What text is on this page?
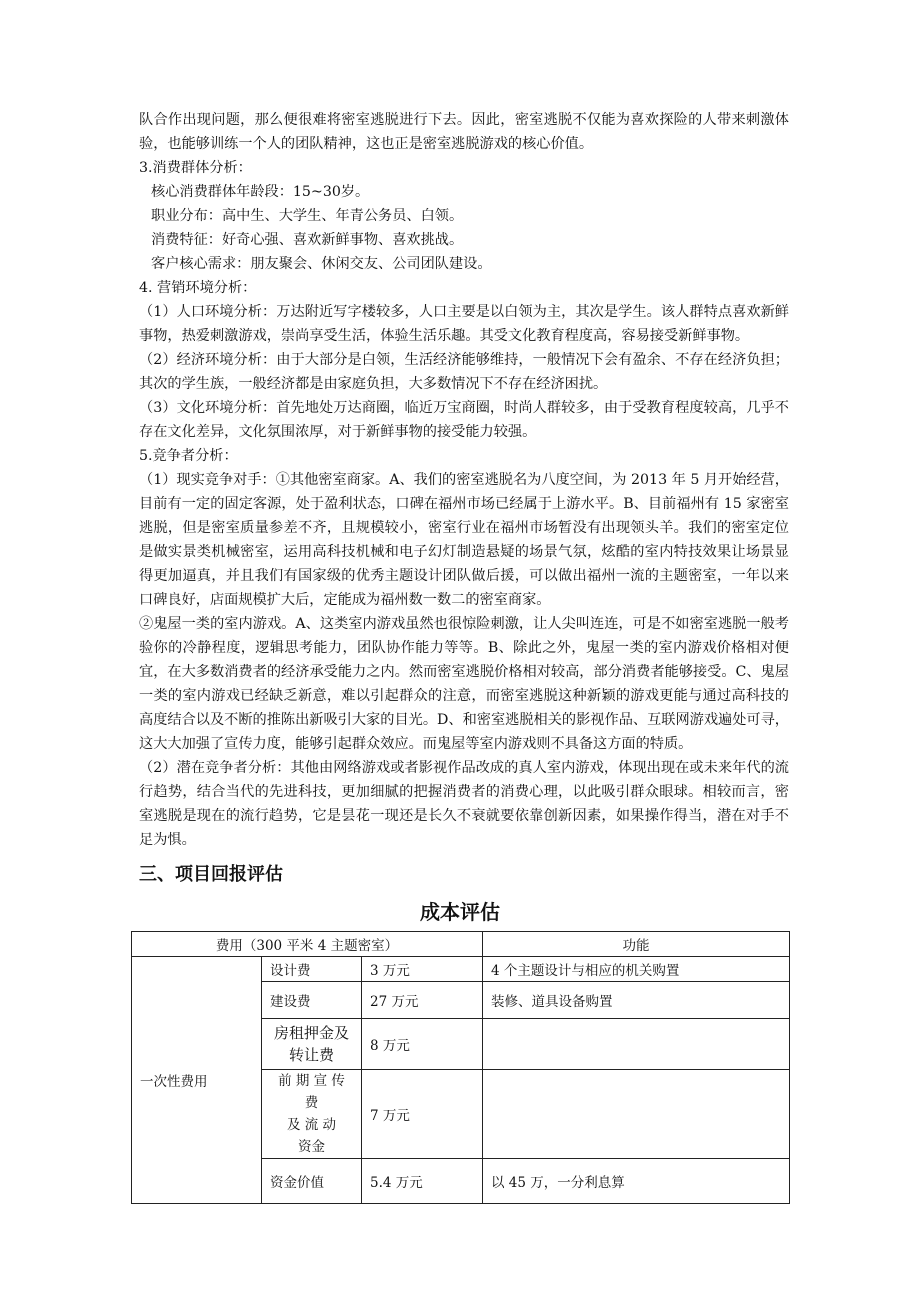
队合作出现问题，那么便很难将密室逃脱进行下去。因此，密室逃脱不仅能为喜欢探险的人带来刺激体验，也能够训练一个人的团队精神，这也正是密室逃脱游戏的核心价值。

3.消费群体分析：

核心消费群体年龄段：15~30岁。

职业分布：高中生、大学生、年青公务员、白领。

消费特征：好奇心强、喜欢新鲜事物、喜欢挑战。

客户核心需求：朋友聚会、休闲交友、公司团队建设。

4. 营销环境分析：

（1）人口环境分析：万达附近写字楼较多，人口主要是以白领为主，其次是学生。该人群特点喜欢新鲜事物，热爱刺激游戏，崇尚享受生活，体验生活乐趣。其受文化教育程度高，容易接受新鲜事物。

（2）经济环境分析：由于大部分是白领，生活经济能够维持，一般情况下会有盈余、不存在经济负担；其次的学生族，一般经济都是由家庭负担，大多数情况下不存在经济困扰。

（3）文化环境分析：首先地处万达商圈，临近万宝商圈，时尚人群较多，由于受教育程度较高，几乎不存在文化差异，文化氛围浓厚，对于新鲜事物的接受能力较强。

5.竞争者分析：

（1）现实竞争对手：①其他密室商家。A、我们的密室逃脱名为八度空间，为 2013 年 5 月开始经营，目前有一定的固定客源，处于盈利状态，口碑在福州市场已经属于上游水平。B、目前福州有 15 家密室逃脱，但是密室质量参差不齐，且规模较小，密室行业在福州市场暂没有出现领头羊。我们的密室定位是做实景类机械密室，运用高科技机械和电子幻灯制造悬疑的场景气氛，炫酷的室内特技效果让场景显得更加逼真，并且我们有国家级的优秀主题设计团队做后援，可以做出福州一流的主题密室，一年以来口碑良好，店面规模扩大后，定能成为福州数一数二的密室商家。

②鬼屋一类的室内游戏。A、这类室内游戏虽然也很惊险刺激，让人尖叫连连，可是不如密室逃脱一般考验你的冷静程度，逻辑思考能力，团队协作能力等等。B、除此之外，鬼屋一类的室内游戏价格相对便宜，在大多数消费者的经济承受能力之内。然而密室逃脱价格相对较高，部分消费者能够接受。C、鬼屋一类的室内游戏已经缺乏新意，难以引起群众的注意，而密室逃脱这种新颖的游戏更能与通过高科技的高度结合以及不断的推陈出新吸引大家的目光。D、和密室逃脱相关的影视作品、互联网游戏遍处可寻，这大大加强了宣传力度，能够引起群众效应。而鬼屋等室内游戏则不具备这方面的特质。

（2）潜在竞争者分析：其他由网络游戏或者影视作品改成的真人室内游戏，体现出现在或未来年代的流行趋势，结合当代的先进科技，更加细腻的把握消费者的消费心理，以此吸引群众眼球。相较而言，密室逃脱是现在的流行趋势，它是昙花一现还是长久不衰就要依靠创新因素，如果操作得当，潜在对手不足为惧。

三、项目回报评估
成本评估
费用（300 平米 4 主题密室）			功能
一次性费用	设计费	3 万元	4 个主题设计与相应的机关购置
	建设费	27 万元	装修、道具设备购置

	房租押金及
转让费	8 万元	

	前 期 宣 传 费
及 流 动
资金	7 万元	
	资金价值	5.4 万元	以 45 万，一分利息算
